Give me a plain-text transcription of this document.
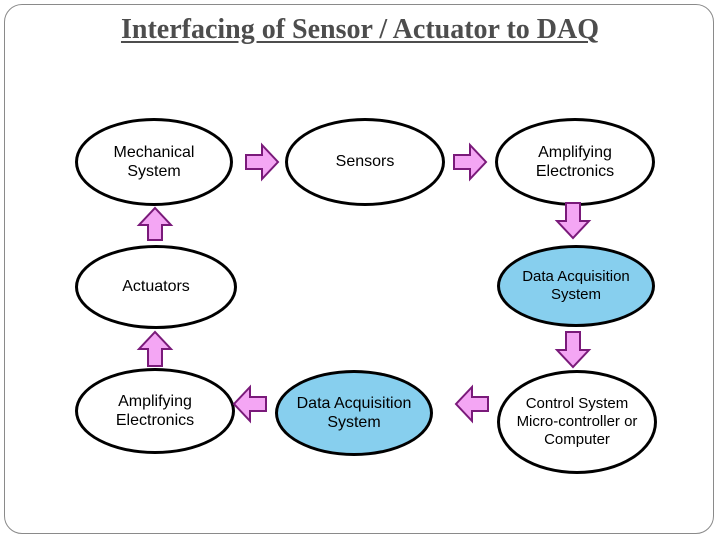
Interfacing of Sensor / Actuator to DAQ
Mechanical
System
Sensors
Amplifying
Electronics
Actuators
Data Acquisition
System
Amplifying
Electronics
Data Acquisition
System
Control System
Micro-controller or
Computer
